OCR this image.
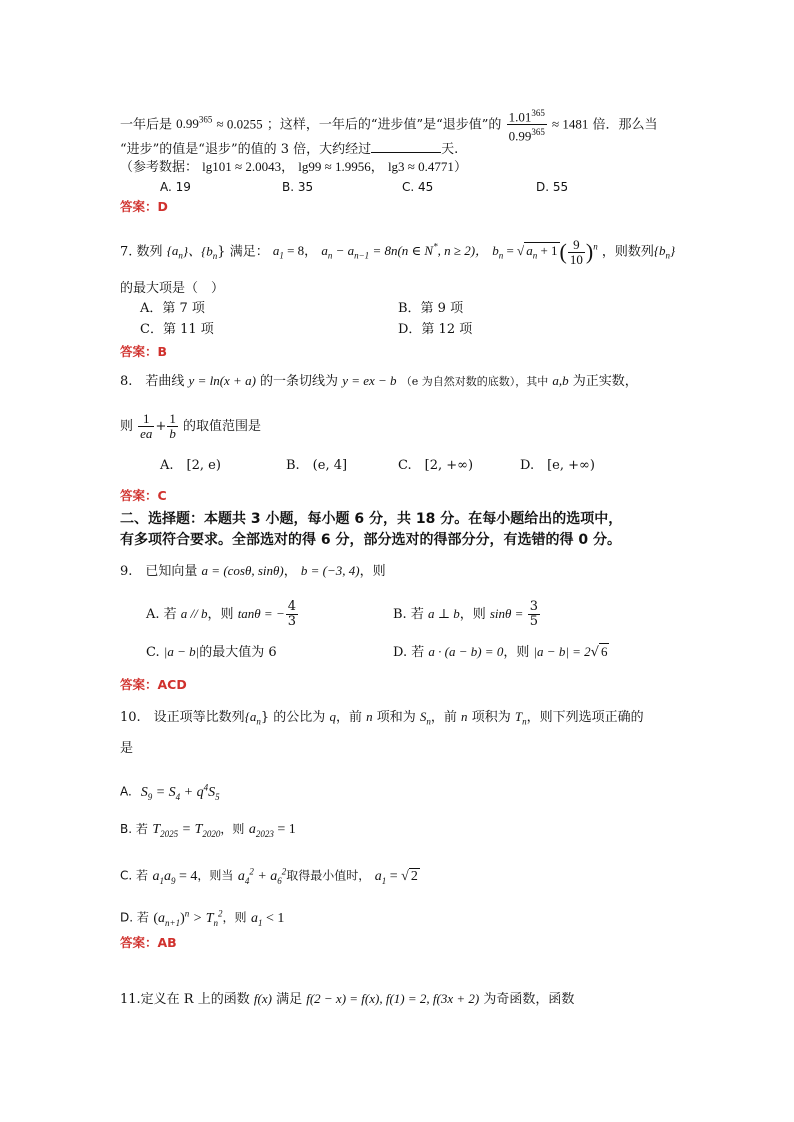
一年后是 $0.99^{365} \approx 0.0255$ ；这样，一年后的“进步值”是“退步值”的 $\frac{1.01^{365}}{0.99^{365}} \approx 1481$ 倍．那么当
“进步”的值是“退步”的值的 3 倍，大约经过	天.
（参考数据： lg101 ≈ 2.0043， lg99 ≈ 1.9956， lg3 ≈ 0.4771）
A. 19	B. 35	C. 45	D. 55
答案：D
7. 数列 $\{a_n\}$、$\{b_n\}$ 满足： $a_1 = 8$， $a_n - a_{n-1} = 8n(n$ ∈ N*, n ≥ 2)， $b_n$ = √ $a_n + 1( \frac{9}{10} )^n$ ，则数列$\{b_n\}$
的最大项是（　）
A．第 7 项	B．第 9 项
C．第 11 项	D．第 12 项
答案：B
8.　若曲线 y = ln(x + a) 的一条切线为 y = ex − b （e 为自然对数的底数），其中 a,b 为正实数，
则 $\frac{1}{ea} + \frac{1}{b}$ 的取值范围是
A.　[2, e)	B.　(e, 4]	C.　[2, +∞)	D.　[e, +∞)
答案：C
二、选择题：本题共 3 小题，每小题 6 分，共 18 分。在每小题给出的选项中，
有多项符合要求。全部选对的得 6 分，部分选对的得部分分，有选错的得 0 分。
9.　已知向量 a = (cosθ, sinθ)， b = (−3, 4)，则
A. 若 a // b，则 tanθ = − $\frac{4}{3}$	B. 若 a ⊥ b，则 $\sin\theta = \frac{3}{5}$
C. |a − b|的最大值为 6	D. 若 a · (a − b) = 0，则 |a − b| = 2√ 6
答案：ACD
10.　设正项等比数列$\{a_n\}$ 的公比为 q，前 n 项和为 $S_n$，前 n 项积为 $T_n$，则下列选项正确的
是
A. $S_9 = S_4 + q^4S_5$
B. 若 $T_{2025} = T_{2020}$，则 $a_{2023} = 1$
C. 若 $a_1a_9 = 4$，则当 $a_4^2 + a_6^2$取得最小值时， $a_1$ = √ 2
D. 若 $(a_{n+1})^n > T_n^2$，则 $a_1 < 1$
答案：AB
11.定义在 R 上的函数 f(x) 满足 f(2 − x) = f(x), f(1) = 2, f(3x + 2) 为奇函数，函数
